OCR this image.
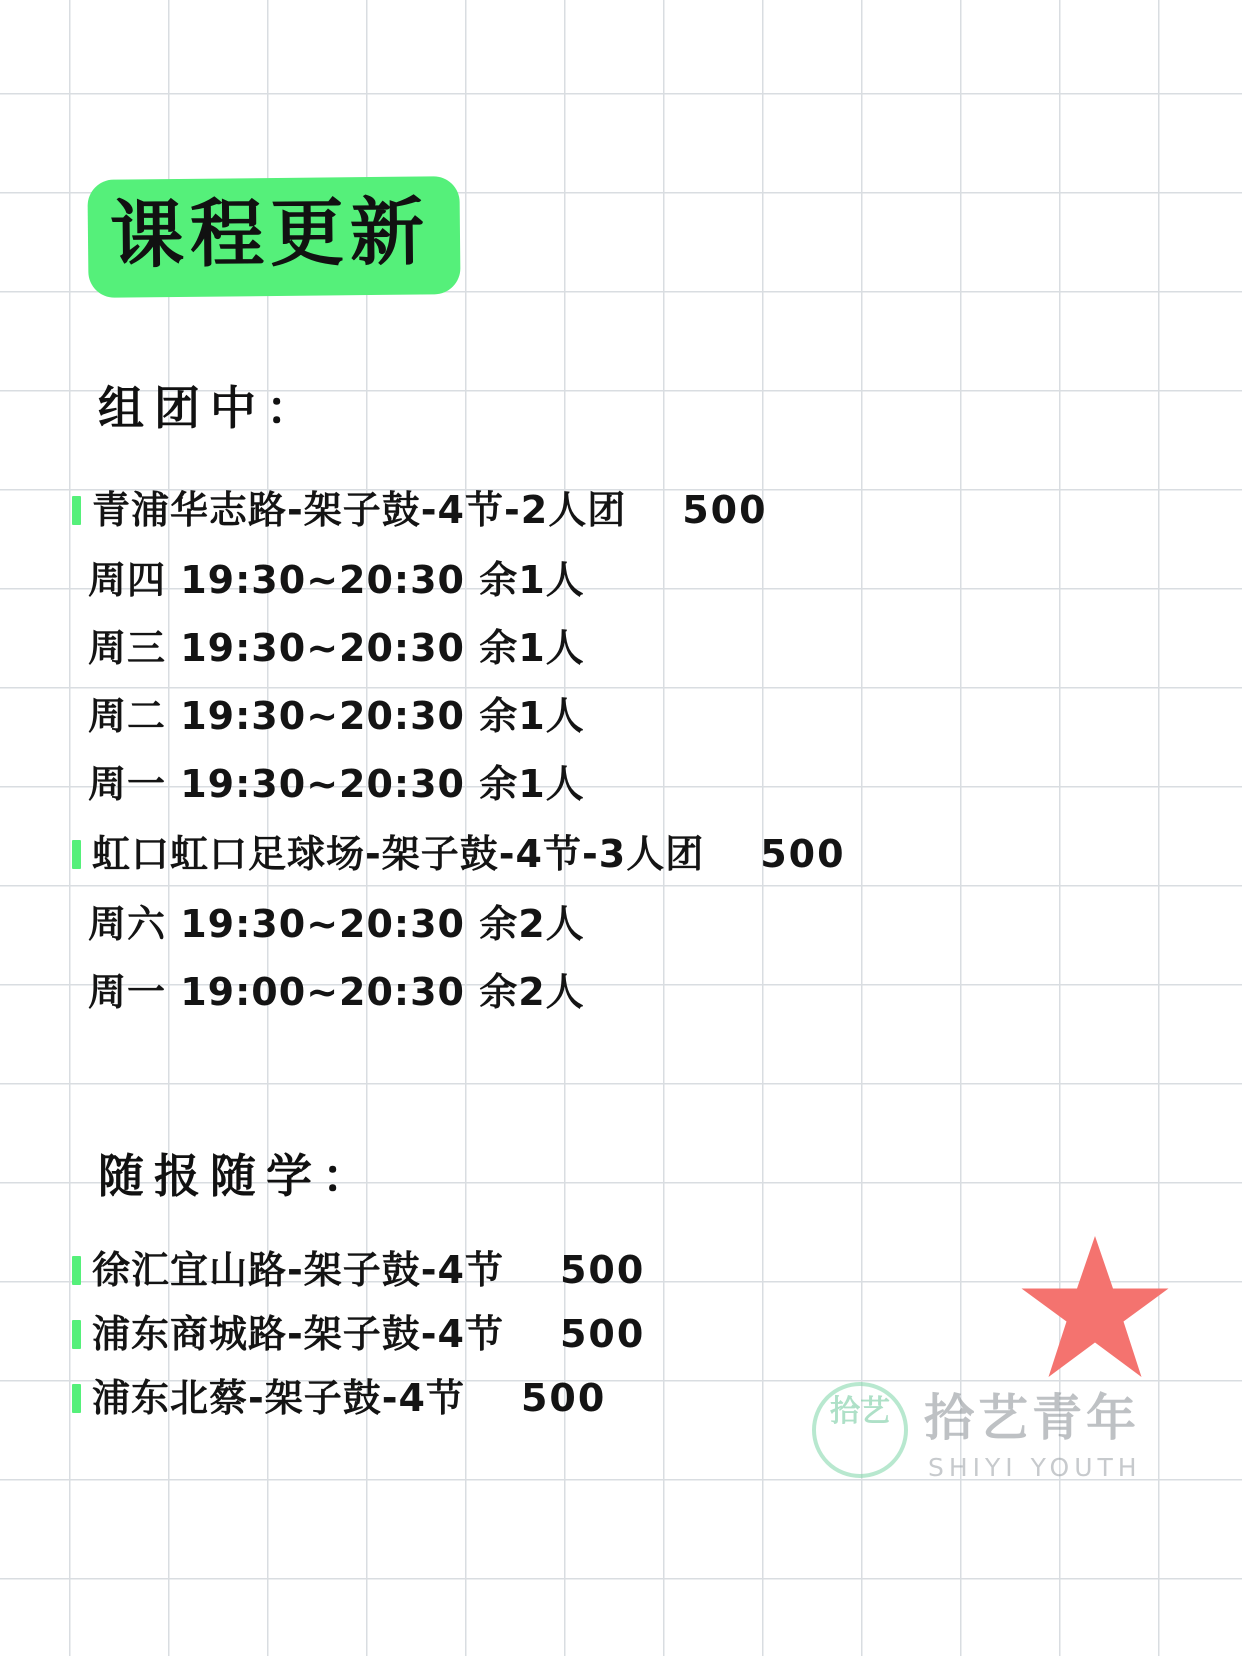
课程更新
组团中：
青浦华志路-架子鼓-4节-2人团 500
周四 19:30~20:30 余1人
周三 19:30~20:30 余1人
周二 19:30~20:30 余1人
周一 19:30~20:30 余1人
虹口虹口足球场-架子鼓-4节-3人团 500
周六 19:30~20:30 余2人
周一 19:00~20:30 余2人
随报随学：
徐汇宜山路-架子鼓-4节 500
浦东商城路-架子鼓-4节 500
浦东北蔡-架子鼓-4节 500	拾艺 拾艺青年
SHIYI YOUTH
